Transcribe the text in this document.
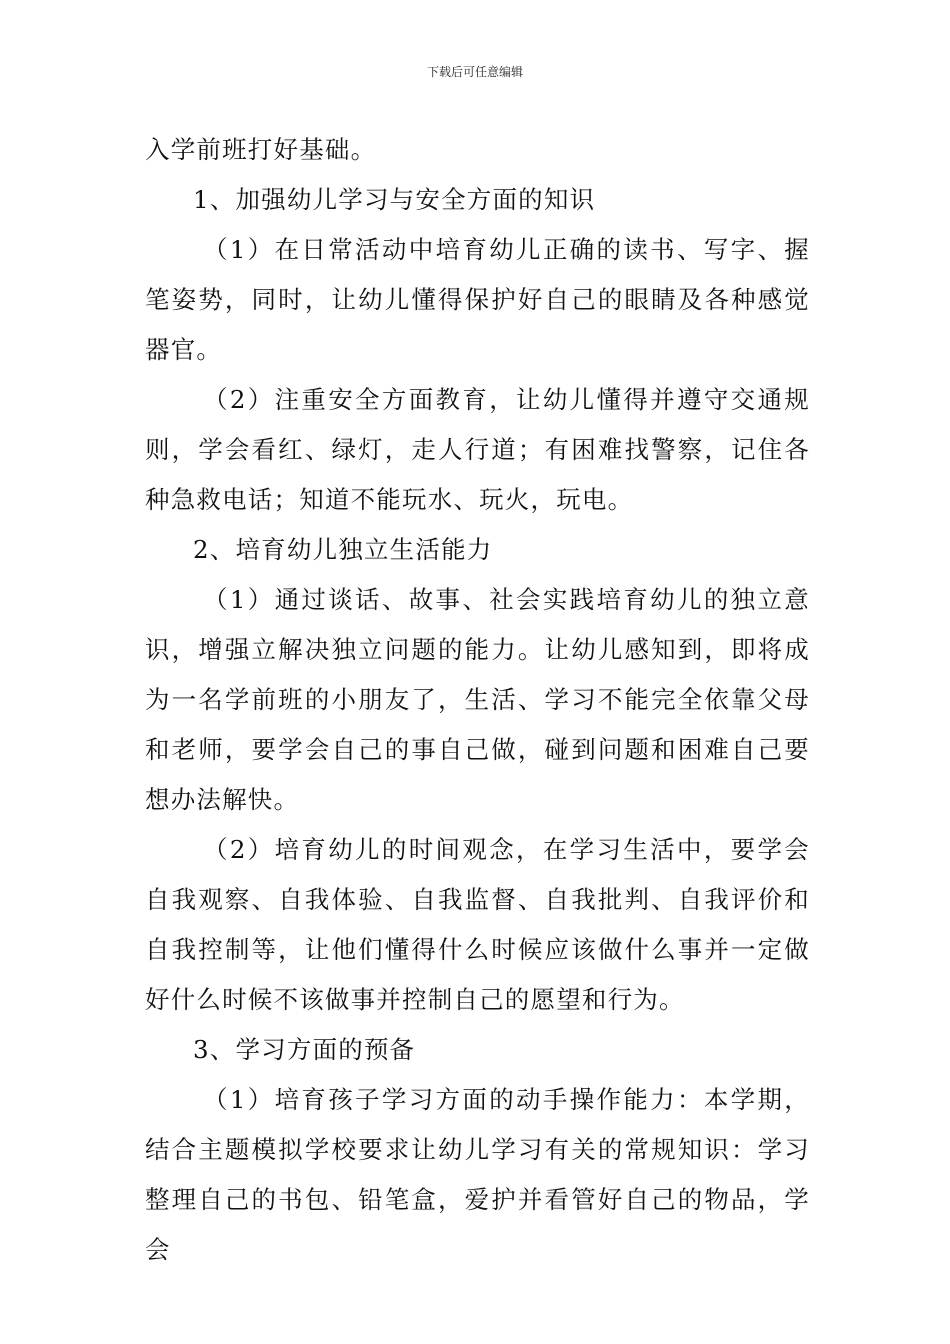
下载后可任意编辑

入学前班打好基础。

1、加强幼儿学习与安全方面的知识

（1）在日常活动中培育幼儿正确的读书、写字、握笔姿势，同时，让幼儿懂得保护好自己的眼睛及各种感觉器官。

（2）注重安全方面教育，让幼儿懂得并遵守交通规则，学会看红、绿灯，走人行道；有困难找警察，记住各种急救电话；知道不能玩水、玩火，玩电。

2、培育幼儿独立生活能力

（1）通过谈话、故事、社会实践培育幼儿的独立意识，增强立解决独立问题的能力。让幼儿感知到，即将成为一名学前班的小朋友了，生活、学习不能完全依靠父母和老师，要学会自己的事自己做，碰到问题和困难自己要想办法解快。

（2）培育幼儿的时间观念，在学习生活中，要学会自我观察、自我体验、自我监督、自我批判、自我评价和自我控制等，让他们懂得什么时候应该做什么事并一定做好什么时候不该做事并控制自己的愿望和行为。

3、学习方面的预备

（1）培育孩子学习方面的动手操作能力：本学期，结合主题模拟学校要求让幼儿学习有关的常规知识：学习整理自己的书包、铅笔盒，爱护并看管好自己的物品，学会
